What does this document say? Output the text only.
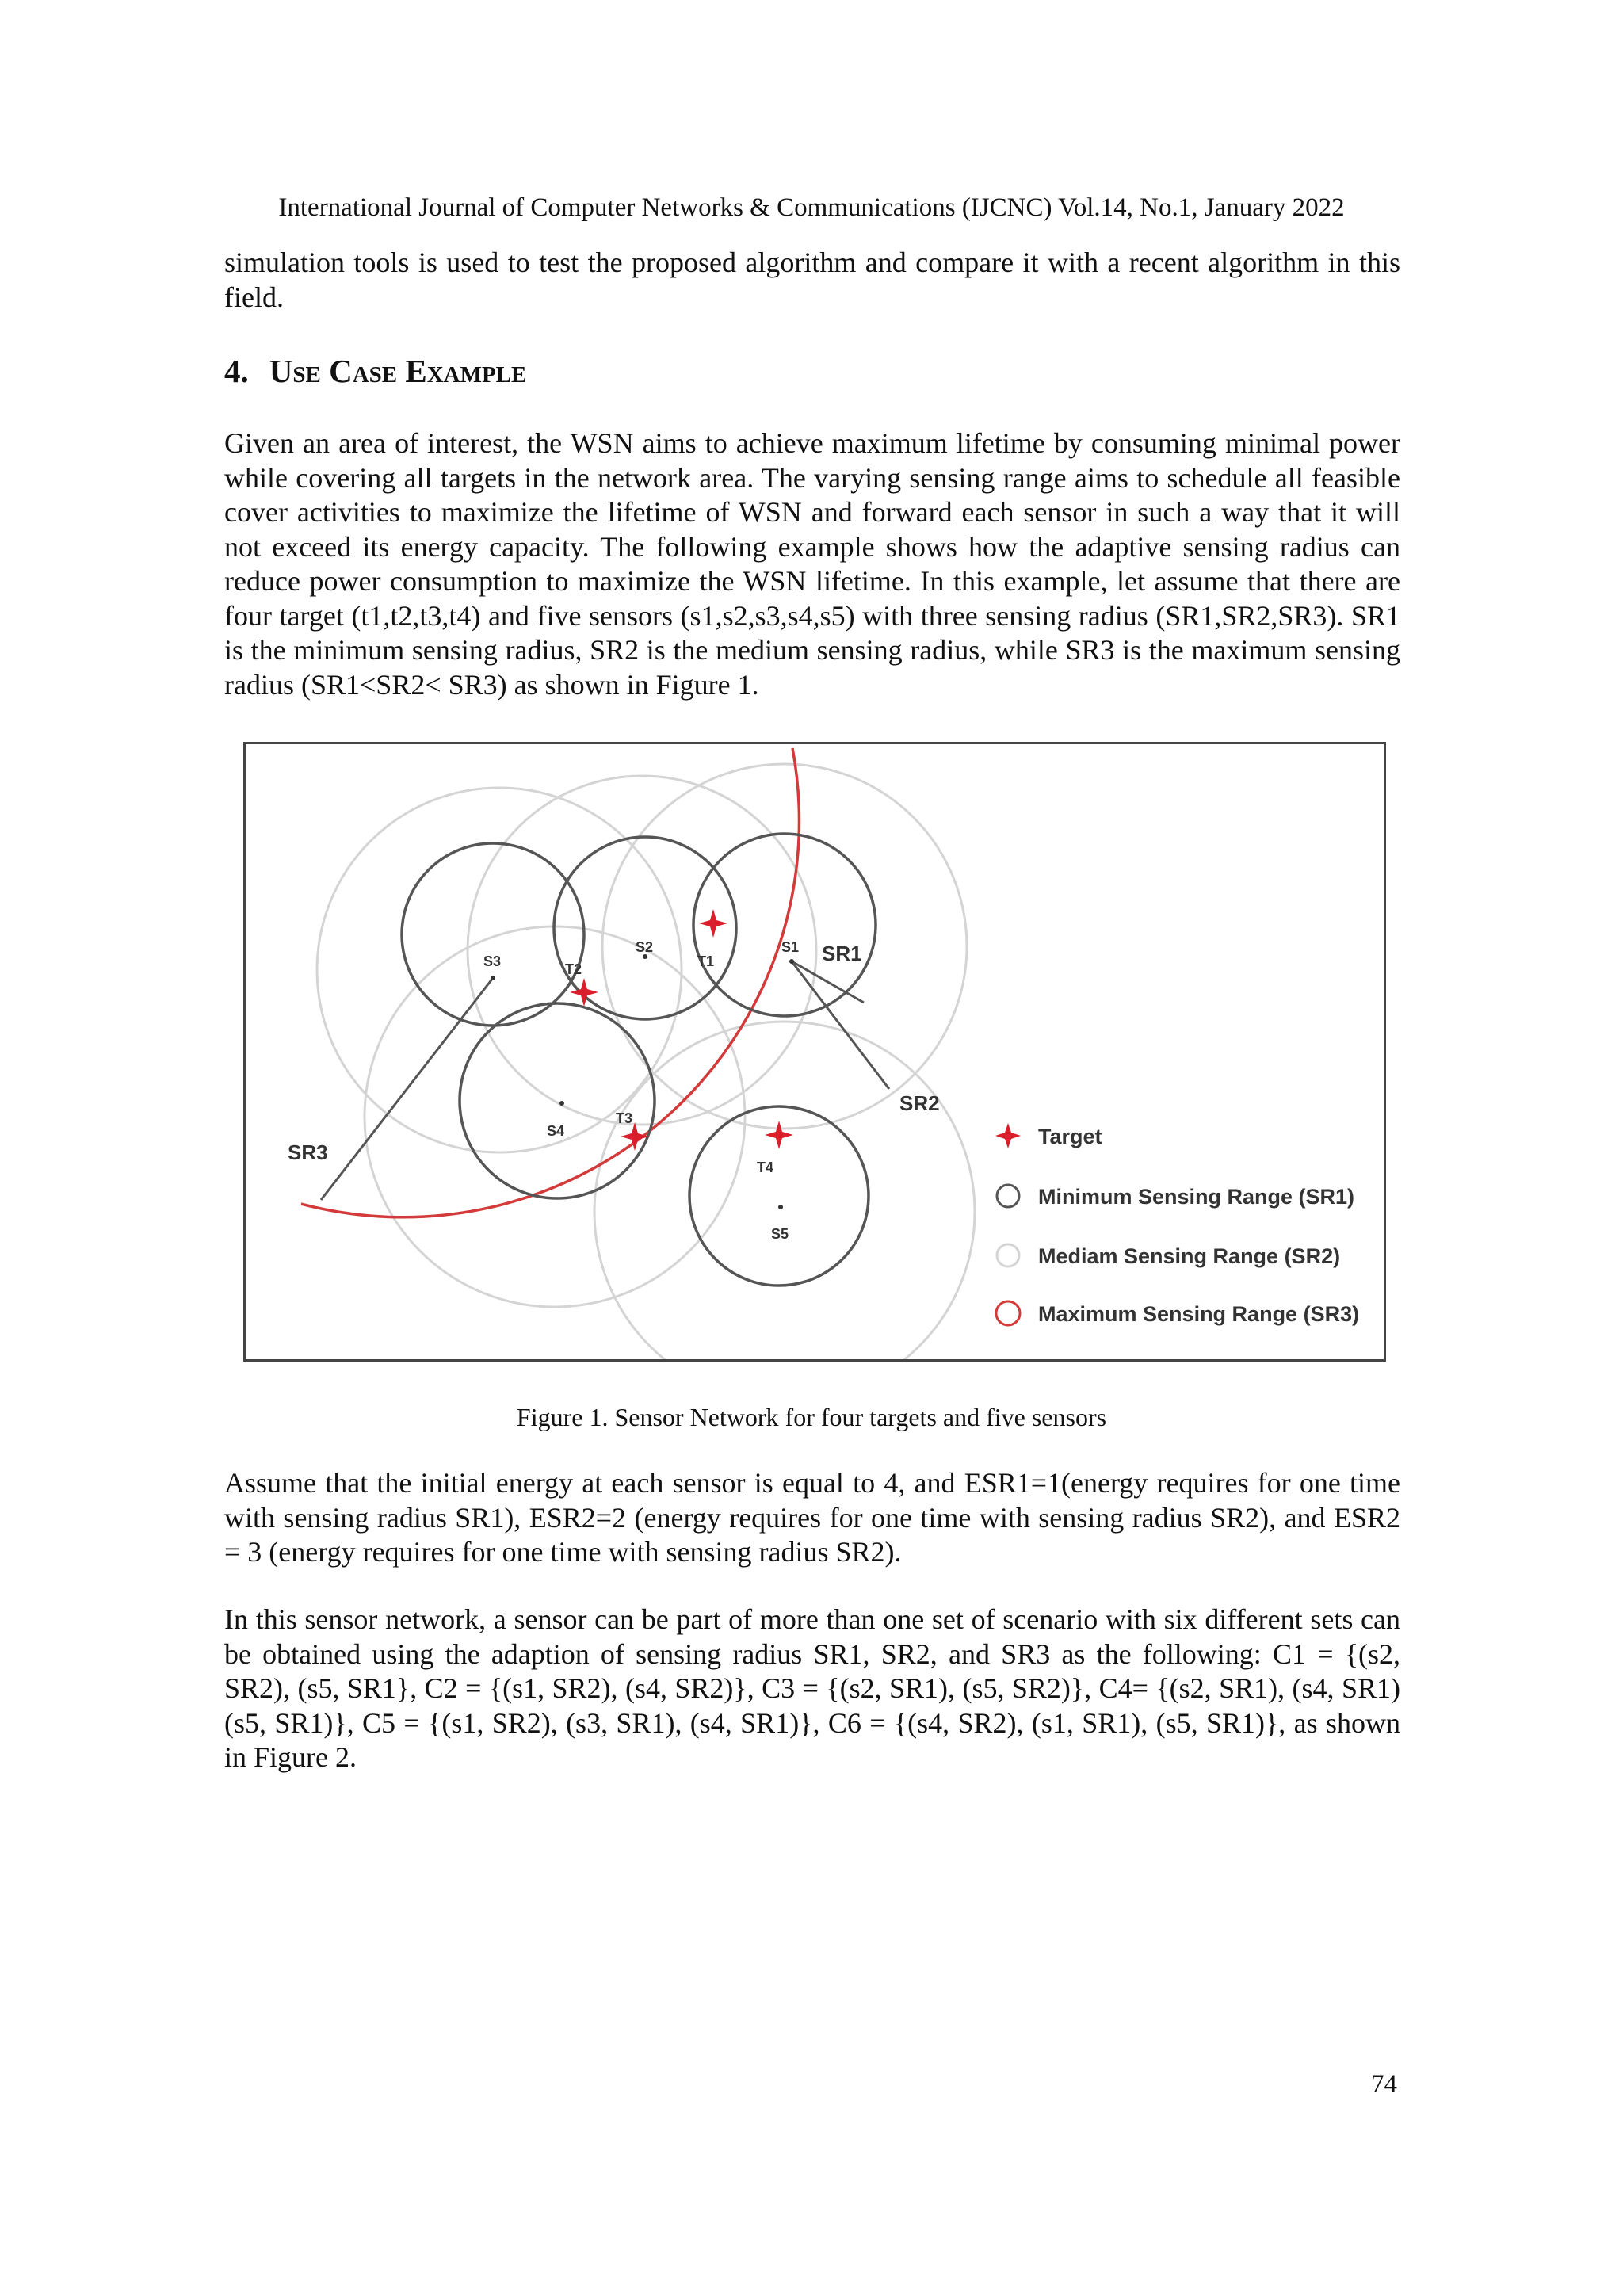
International Journal of Computer Networks & Communications (IJCNC) Vol.14, No.1, January 2022

simulation tools is used to test the proposed algorithm and compare it with a recent algorithm in this field.

4. Use Case Example

Given an area of interest, the WSN aims to achieve maximum lifetime by consuming minimal power while covering all targets in the network area. The varying sensing range aims to schedule all feasible cover activities to maximize the lifetime of WSN and forward each sensor in such a way that it will not exceed its energy capacity. The following example shows how the adaptive sensing radius can reduce power consumption to maximize the WSN lifetime. In this example, let assume that there are four target (t1,t2,t3,t4) and five sensors (s1,s2,s3,s4,s5) with three sensing radius (SR1,SR2,SR3). SR1 is the minimum sensing radius, SR2 is the medium sensing radius, while SR3 is the maximum sensing radius (SR1<SR2< SR3) as shown in Figure 1.

S1
S2
S3
S4
S5
T1
T2
T3
T4
SR1
SR2
SR3
Target
Minimum Sensing Range (SR1)
Mediam Sensing Range (SR2)
Maximum Sensing Range (SR3)
Figure 1. Sensor Network for four targets and five sensors

Assume that the initial energy at each sensor is equal to 4, and ESR1=1(energy requires for one time with sensing radius SR1), ESR2=2 (energy requires for one time with sensing radius SR2), and ESR2 = 3 (energy requires for one time with sensing radius SR2).

In this sensor network, a sensor can be part of more than one set of scenario with six different sets can be obtained using the adaption of sensing radius SR1, SR2, and SR3 as the following: C1 = {(s2, SR2), (s5, SR1}, C2 = {(s1, SR2), (s4, SR2)}, C3 = {(s2, SR1), (s5, SR2)}, C4= {(s2, SR1), (s4, SR1) (s5, SR1)}, C5 = {(s1, SR2), (s3, SR1), (s4, SR1)}, C6 = {(s4, SR2), (s1, SR1), (s5, SR1)}, as shown in Figure 2.

74
